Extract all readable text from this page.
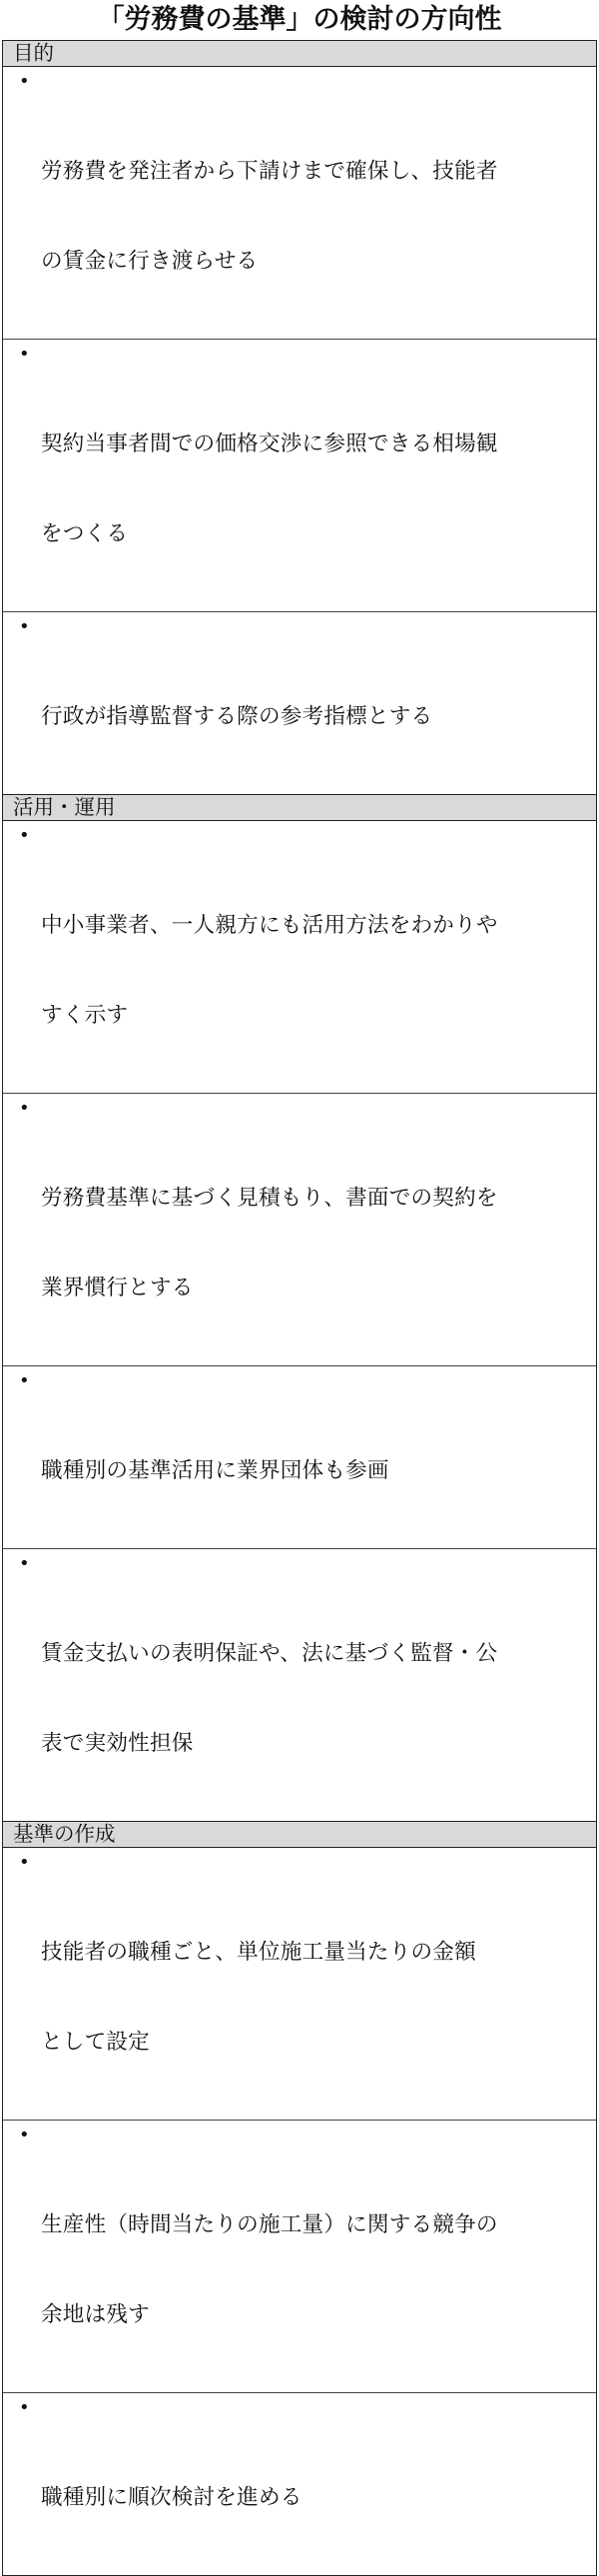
「労務費の基準」の検討の方向性
目的

•

労務費を発注者から下請けまで確保し、技能者

の賃金に行き渡らせる

•

契約当事者間での価格交渉に参照できる相場観

をつくる

•

行政が指導監督する際の参考指標とする

活用・運用

•

中小事業者、一人親方にも活用方法をわかりや

すく示す

•

労務費基準に基づく見積もり、書面での契約を

業界慣行とする

•

職種別の基準活用に業界団体も参画

•

賃金支払いの表明保証や、法に基づく監督・公

表で実効性担保

基準の作成

•

技能者の職種ごと、単位施工量当たりの金額

として設定

•

生産性（時間当たりの施工量）に関する競争の

余地は残す

•

職種別に順次検討を進める
